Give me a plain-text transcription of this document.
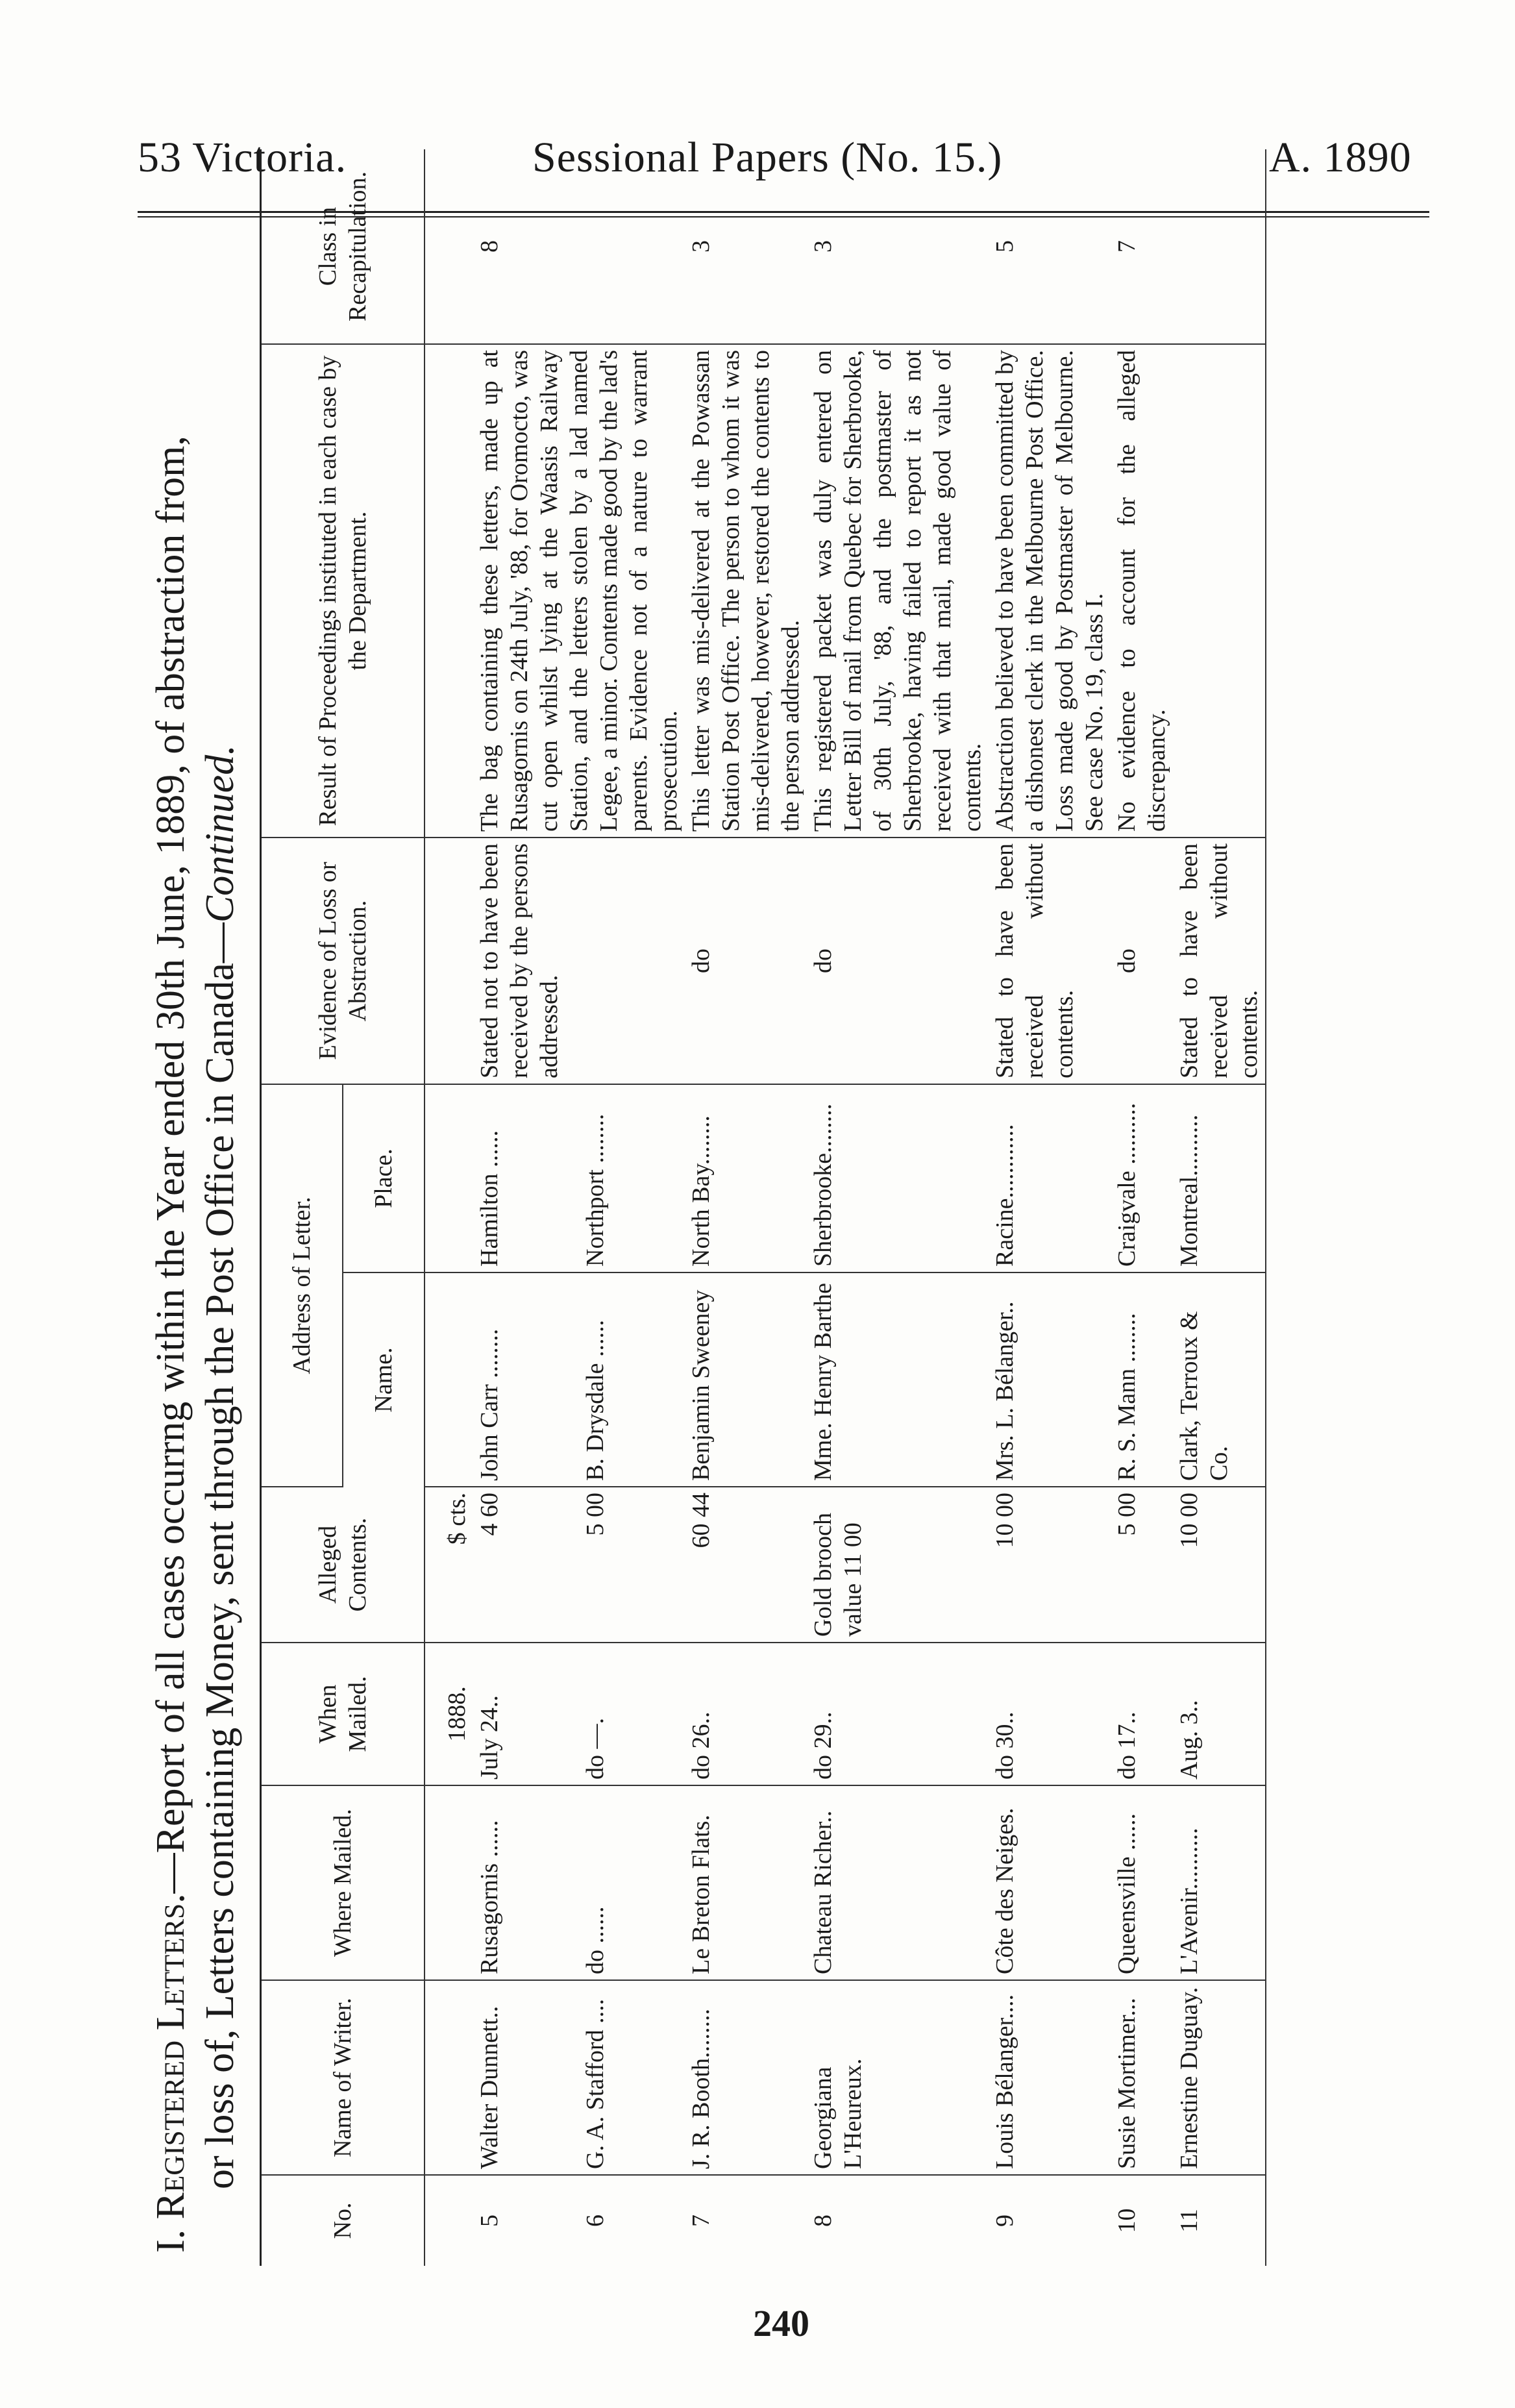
53 Victoria.	Sessional Papers (No. 15.)	A. 1890
I. Registered Letters.—Report of all cases occurrng within the Year ended 30th June, 1889, of abstraction from, or loss of, Letters containing Money, sent through the Post Office in Canada—Continued.
No.	Name of Writer.	Where Mailed.	When Mailed.	Alleged Contents.	Address of Letter.		Evidence of Loss or Abstraction.	Result of Proceedings instituted in each case by the Department.	Class in Recapitulation.
					Name.	Place.			
			1888.	$ cts.					
5	Walter Dunnett..	Rusagornis ......	July 24..	4 60	John Carr ........	Hamilton ......	Stated not to have been received by the persons addressed.	The bag containing these letters, made up at Rusagornis on 24th July, '88, for Oromocto, was cut open whilst lying at the Waasis Railway Station, and the letters stolen by a lad named Legee, a minor. Contents made good by the lad's parents. Evidence not of a nature to warrant prosecution.	8
6	G. A. Stafford ....	do ......	do —.	5 00	B. Drysdale ......	Northport ........			
7	J. R. Booth........	Le Breton Flats.	do 26..	60 44	Benjamin Sweeney	North Bay........	do	This letter was mis-delivered at the Powassan Station Post Office. The person to whom it was mis-delivered, however, restored the contents to the person addressed.	3
8	Georgiana L'Heureux.	Chateau Richer..	do 29..	Gold brooch value 11 00	Mme. Henry Barthe	Sherbrooke........	do	This registered packet was duly entered on Letter Bill of mail from Quebec for Sherbrooke, of 30th July, '88, and the postmaster of Sherbrooke, having failed to report it as not received with that mail, made good value of contents.	3
9	Louis Bélanger....	Côte des Neiges.	do 30..	10 00	Mrs. L. Bélanger..	Racine............	Stated to have been received without contents.	Abstraction believed to have been committed by a dishonest clerk in the Melbourne Post Office. Loss made good by Postmaster of Melbourne. See case No. 19, class I.	5
10	Susie Mortimer...	Queensville ......	do 17..	5 00	R. S. Mann ........	Craigvale ..........	do	No evidence to account for the alleged discrepancy.	7
11	Ernestine Duguay.	L'Avenir..........	Aug. 3..	10 00	Clark, Terroux & Co.	Montreal..........	Stated to have been received without contents.		
240
